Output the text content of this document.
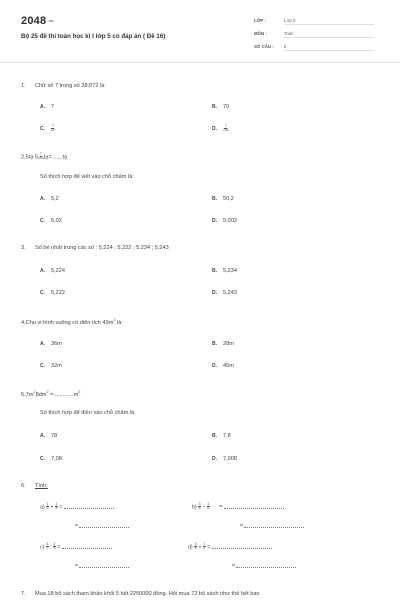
2048.vn
Bộ 25 đề thi toán học kì I lớp 5 có đáp án ( Đề 16)
LỚP :	Lớp 5
MÔN :	Toán
SỐ CÂU :	8
1. Chữ số 7 trong số 38,072 là:
A. 7	B. 70
C. $\frac{7}{10}$	D. $\frac{7}{100}$
2,5tạ $5 \frac{7}{100}$ tạ= ......tạ
Số thích hợp để viết vào chỗ chấm là:
A. 5,2	B. 50,2
C. 5,02	D. 5,002
3. Số bé nhất trong các số : 5,224 ; 5,222 ; 5,234 ; 5,243
A. 5,224	B. 5,234
C. 5,222	D. 5,243
4.Chu vi hình vuông có diện tích $49m^2$ là:
A. 36m	B. 28m
C. 32m	D. 45m
$5.7m^28dm^2 =.............m^2$
Số thích hợp để điền vào chỗ chấm là:
A. 78	B. 7,8
C. 7,08	D. 7,008
6. Tính:
$a) \frac{1}{3} + \frac{1}{4}$ =	$b) \frac{3}{5} - \frac{1}{6}$ =
=	=
$c) \frac{3}{7}$ : $\frac{2}{3}$ =	$d) \frac{3}{4} \times \frac{1}{2}$ =
=	=
7. Mua 18 bộ sách tham khảo khối 5 hết 2250000 đồng. Hỏi mua 72 bộ sách như thế hết bao
